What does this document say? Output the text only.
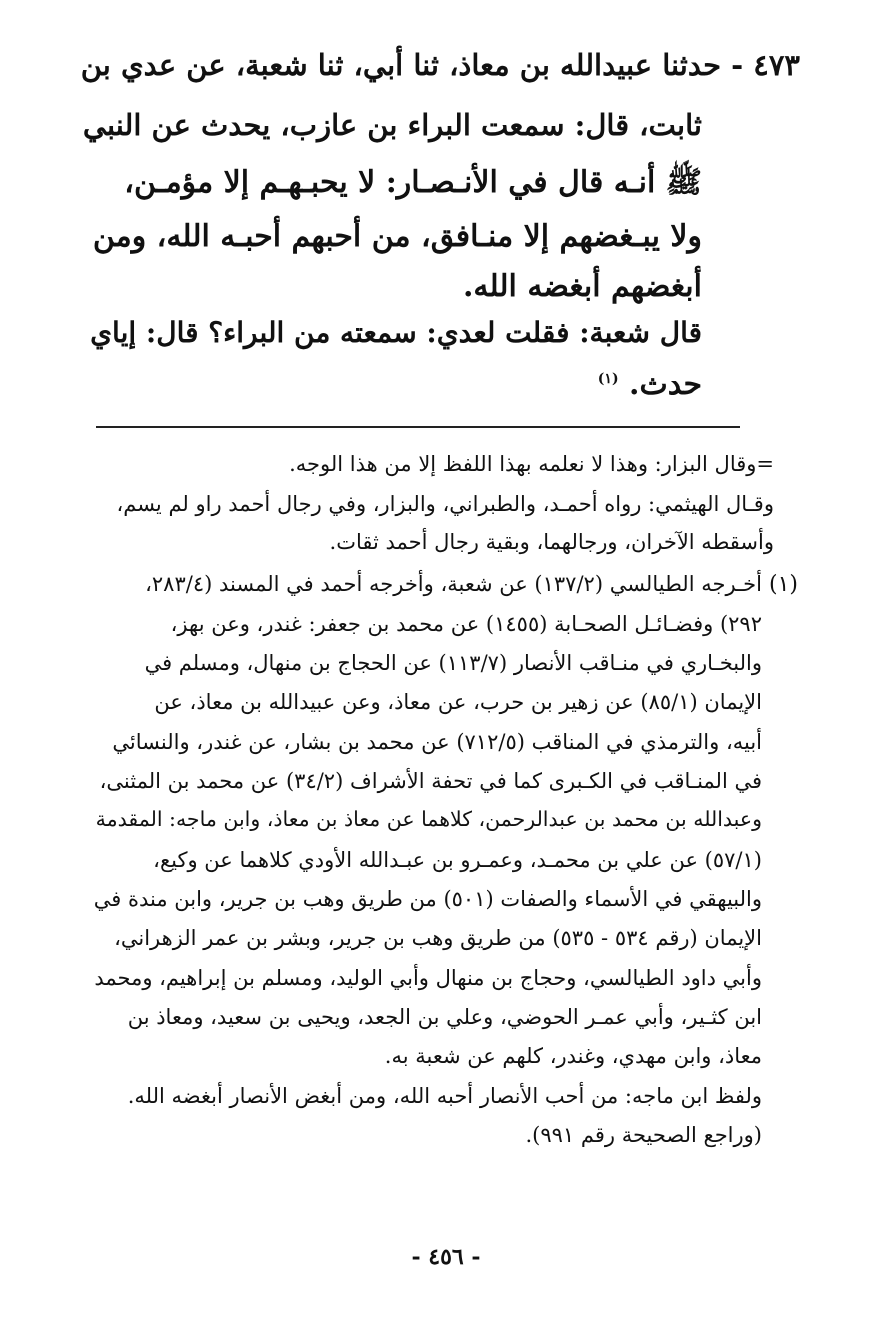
٤٧٣ - حدثنا عبيدالله بن معاذ، ثنا أبي، ثنا شعبة، عن عدي بن
ثابت، قال: سمعت البراء بن عازب، يحدث عن النبي
ﷺ أنـه قال في الأنـصـار: لا يحبـهـم إلا مؤمـن،
ولا يبـغضهم إلا منـافق، من أحبهم أحبـه الله، ومن
أبغضهم أبغضه الله.
قال شعبة: فقلت لعدي: سمعته من البراء؟ قال: إياي
حدث. $^{(١)}$
=وقال البزار: وهذا لا نعلمه بهذا اللفظ إلا من هذا الوجه.
وقـال الهيثمي: رواه أحمـد، والطبراني، والبزار، وفي رجال أحمد راو لم يسم،
وأسقطه الآخران، ورجالهما، وبقية رجال أحمد ثقات.
(١)
أخـرجه الطيالسي (١٣٧/٢) عن شعبة، وأخرجه أحمد في المسند (٢٨٣/٤،
٢٩٢) وفضـائـل الصحـابة (١٤٥٥) عن محمد بن جعفر: غندر، وعن بهز،
والبخـاري في منـاقب الأنصار (١١٣/٧) عن الحجاج بن منهال، ومسلم في
الإيمان (٨٥/١) عن زهير بن حرب، عن معاذ، وعن عبيدالله بن معاذ، عن
أبيه، والترمذي في المناقب (٧١٢/٥) عن محمد بن بشار، عن غندر، والنسائي
في المنـاقب في الكـبرى كما في تحفة الأشراف (٣٤/٢) عن محمد بن المثنى،
وعبدالله بن محمد بن عبدالرحمن، كلاهما عن معاذ بن معاذ، وابن ماجه: المقدمة
(٥٧/١) عن علي بن محمـد، وعمـرو بن عبـدالله الأودي كلاهما عن وكيع،
والبيهقي في الأسماء والصفات (٥٠١) من طريق وهب بن جرير، وابن مندة في
الإيمان (رقم ٥٣٤ - ٥٣٥) من طريق وهب بن جرير، وبشر بن عمر الزهراني،
وأبي داود الطيالسي، وحجاج بن منهال وأبي الوليد، ومسلم بن إبراهيم، ومحمد
ابن كثـير، وأبي عمـر الحوضي، وعلي بن الجعد، ويحيى بن سعيد، ومعاذ بن
معاذ، وابن مهدي، وغندر، كلهم عن شعبة به.
ولفظ ابن ماجه: من أحب الأنصار أحبه الله، ومن أبغض الأنصار أبغضه الله.
(وراجع الصحيحة رقم ٩٩١).
- ٤٥٦ -
